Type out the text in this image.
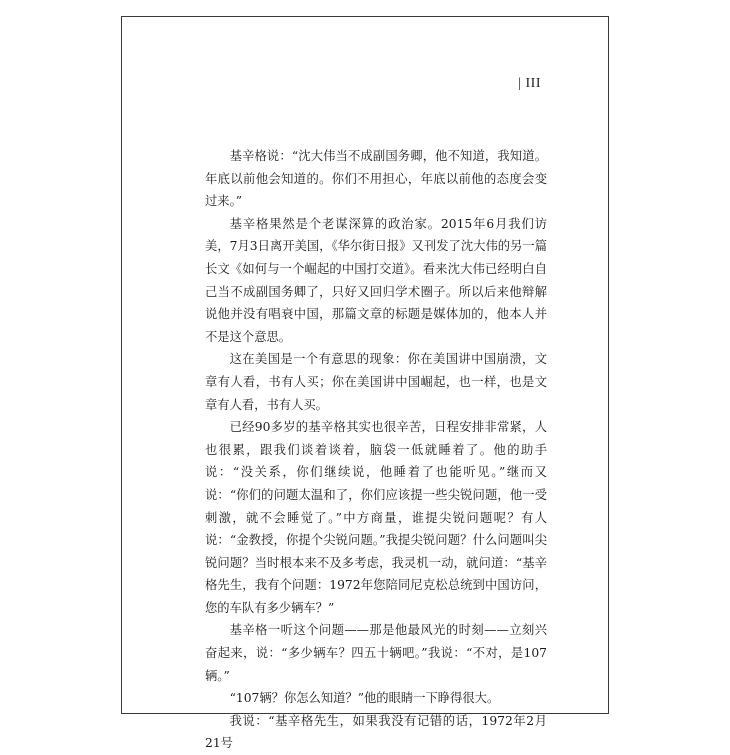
| III

基辛格说：“沈大伟当不成副国务卿，他不知道，我知道。年底以前他会知道的。你们不用担心，年底以前他的态度会变过来。”

基辛格果然是个老谋深算的政治家。2015年6月我们访美，7月3日离开美国，《华尔街日报》又刊发了沈大伟的另一篇长文《如何与一个崛起的中国打交道》。看来沈大伟已经明白自己当不成副国务卿了，只好又回归学术圈子。所以后来他辩解说他并没有唱衰中国，那篇文章的标题是媒体加的，他本人并不是这个意思。

这在美国是一个有意思的现象：你在美国讲中国崩溃，文章有人看，书有人买；你在美国讲中国崛起，也一样，也是文章有人看，书有人买。

已经90多岁的基辛格其实也很辛苦，日程安排非常紧，人也很累，跟我们谈着谈着，脑袋一低就睡着了。他的助手说：“没关系，你们继续说，他睡着了也能听见。”继而又说：“你们的问题太温和了，你们应该提一些尖锐问题，他一受刺激，就不会睡觉了。”中方商量，谁提尖锐问题呢？有人说：“金教授，你提个尖锐问题。”我提尖锐问题？什么问题叫尖锐问题？当时根本来不及多考虑，我灵机一动，就问道：“基辛格先生，我有个问题：1972年您陪同尼克松总统到中国访问，您的车队有多少辆车？”

基辛格一听这个问题——那是他最风光的时刻——立刻兴奋起来，说：“多少辆车？四五十辆吧。”我说：“不对，是107辆。”

“107辆？你怎么知道？”他的眼睛一下睁得很大。

我说：“基辛格先生，如果我没有记错的话，1972年2月21号
